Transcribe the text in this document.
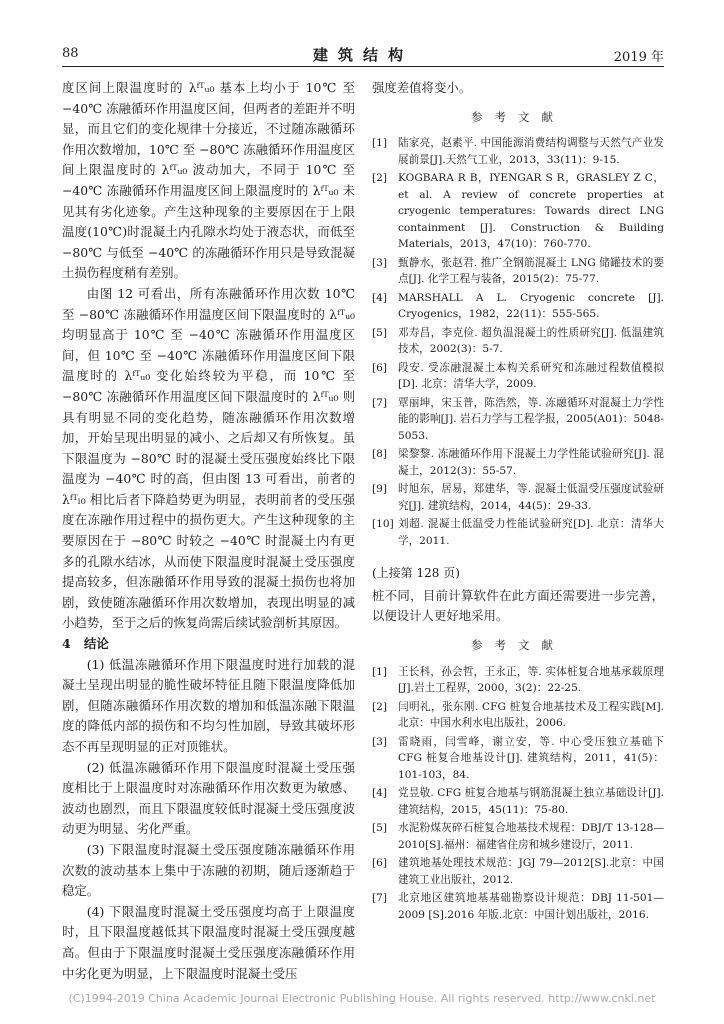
88	建筑结构	2019 年

度区间上限温度时的 λᶠᵀᵤ₀ 基本上均小于 10℃ 至 −40℃ 冻融循环作用温度区间，但两者的差距并不明显，而且它们的变化规律十分接近，不过随冻融循环作用次数增加，10℃ 至 −80℃ 冻融循环作用温度区间上限温度时的 λᶠᵀᵤ₀ 波动加大，不同于 10℃ 至 −40℃ 冻融循环作用温度区间上限温度时的 λᶠᵀᵤ₀ 未见其有劣化迹象。产生这种现象的主要原因在于上限温度(10℃)时混凝土内孔隙水均处于液态状，而低至 −80℃ 与低至 −40℃ 的冻融循环作用只是导致混凝土损伤程度稍有差别。

由图 12 可看出，所有冻融循环作用次数 10℃ 至 −80℃ 冻融循环作用温度区间下限温度时的 λᶠᵀᵤ₀ 均明显高于 10℃ 至 −40℃ 冻融循环作用温度区间，但 10℃ 至 −40℃ 冻融循环作用温度区间下限温度时的 λᶠᵀᵤ₀ 变化始终较为平稳，而 10℃ 至 −80℃ 冻融循环作用温度区间下限温度时的 λᶠᵀᵤ₀ 则具有明显不同的变化趋势，随冻融循环作用次数增加，开始呈现出明显的减小、之后却又有所恢复。虽下限温度为 −80℃ 时的混凝土受压强度始终比下限温度为 −40℃ 时的高，但由图 13 可看出，前者的 λᶠᵀₗ₀ 相比后者下降趋势更为明显，表明前者的受压强度在冻融作用过程中的损伤更大。产生这种现象的主要原因在于 −80℃ 时较之 −40℃ 时混凝土内有更多的孔隙水结冰，从而使下限温度时混凝土受压强度提高较多，但冻融循环作用导致的混凝土损伤也将加剧，致使随冻融循环作用次数增加，表现出明显的减小趋势，至于之后的恢复尚需后续试验剖析其原因。

4 结论

(1) 低温冻融循环作用下限温度时进行加载的混凝土呈现出明显的脆性破坏特征且随下限温度降低加剧，但随冻融循环作用次数的增加和低温冻融下限温度的降低内部的损伤和不均匀性加剧，导致其破坏形态不再呈现明显的正对顶锥状。

(2) 低温冻融循环作用下限温度时混凝土受压强度相比于上限温度时对冻融循环作用次数更为敏感、波动也剧烈，而且下限温度较低时混凝土受压强度波动更为明显、劣化严重。

(3) 下限温度时混凝土受压强度随冻融循环作用次数的波动基本上集中于冻融的初期，随后逐渐趋于稳定。

(4) 下限温度时混凝土受压强度均高于上限温度时，且下限温度越低其下限温度时混凝土受压强度越高。但由于下限温度时混凝土受压强度冻融循环作用中劣化更为明显，上下限温度时混凝土受压

强度差值将变小。

参考文献
[1]	陆家亮，赵素平. 中国能源消费结构调整与天然气产业发展前景[J].天然气工业，2013，33(11)：9-15.
[2]	KOGBARA R B，IYENGAR S R，GRASLEY Z C，et al. A review of concrete properties at cryogenic temperatures: Towards direct LNG containment [J]. Construction & Building Materials，2013，47(10)：760-770.
[3]	甄静水，张赵君. 推广全钢筋混凝土 LNG 储罐技术的要点[J]. 化学工程与装备，2015(2)：75-77.
[4]	MARSHALL A L. Cryogenic concrete [J]. Cryogenics，1982，22(11)：555-565.
[5]	邓寿昌，李克俭. 超负温混凝土的性质研究[J]. 低温建筑技术，2002(3)：5-7.
[6]	段安. 受冻融混凝土本构关系研究和冻融过程数值模拟[D]. 北京：清华大学，2009.
[7]	覃丽坤，宋玉普，陈浩然，等. 冻融循环对混凝土力学性能的影响[J]. 岩石力学与工程学报，2005(A01)：5048-5053.
[8]	梁黎黎. 冻融循环作用下混凝土力学性能试验研究[J]. 混凝土，2012(3)：55-57.
[9]	时旭东，居易，郑建华，等. 混凝土低温受压强度试验研究[J]. 建筑结构，2014，44(5)：29-33.
[10] 刘超. 混凝土低温受力性能试验研究[D]. 北京：清华大学，2011.
(上接第 128 页)

桩不同，目前计算软件在此方面还需要进一步完善，以便设计人更好地采用。

参考文献
[1]	王长科，孙会哲，王永正，等. 实体桩复合地基承载原理[J].岩土工程界，2000，3(2)：22-25.
[2]	闫明礼，张东刚. CFG 桩复合地基技术及工程实践[M]. 北京：中国水利水电出版社，2006.
[3]	雷晓雨，闫雪峰，谢立安，等. 中心受压独立基础下 CFG 桩复合地基设计[J]. 建筑结构，2011，41(5)：101-103，84.
[4]	党昱敬. CFG 桩复合地基与钢筋混凝土独立基础设计[J].建筑结构，2015，45(11)：75-80.
[5]	水泥粉煤灰碎石桩复合地基技术规程：DBJ/T 13-128—2010[S].福州：福建省住房和城乡建设厅，2011.
[6]	建筑地基处理技术规范：JGJ 79—2012[S].北京：中国建筑工业出版社，2012.
[7]	北京地区建筑地基基础勘察设计规范：DBJ 11-501—2009 [S].2016 年版.北京：中国计划出版社，2016.
(C)1994-2019 China Academic Journal Electronic Publishing House. All rights reserved. http://www.cnki.net
